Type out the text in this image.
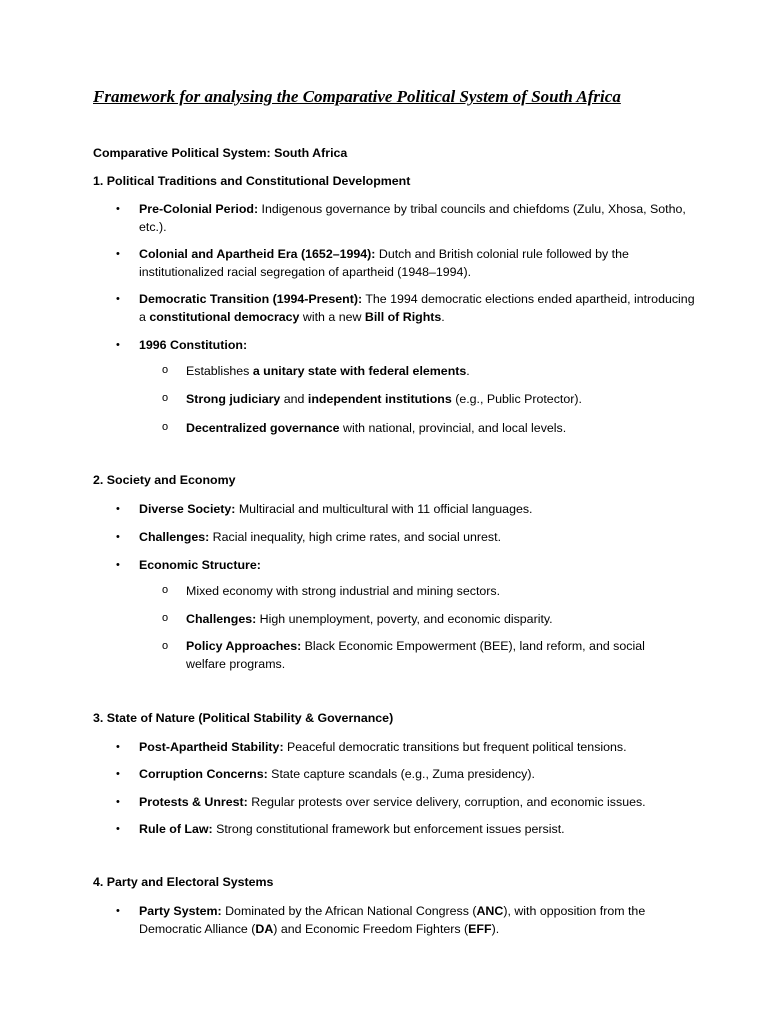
Framework for analysing the Comparative Political System of South Africa
Comparative Political System: South Africa
1. Political Traditions and Constitutional Development
• Pre-Colonial Period: Indigenous governance by tribal councils and chiefdoms (Zulu, Xhosa, Sotho, etc.).
• Colonial and Apartheid Era (1652–1994): Dutch and British colonial rule followed by the institutionalized racial segregation of apartheid (1948–1994).
• Democratic Transition (1994-Present): The 1994 democratic elections ended apartheid, introducing a constitutional democracy with a new Bill of Rights.
• 1996 Constitution:
o Establishes a unitary state with federal elements.
o Strong judiciary and independent institutions (e.g., Public Protector).
o Decentralized governance with national, provincial, and local levels.
2. Society and Economy
• Diverse Society: Multiracial and multicultural with 11 official languages.
• Challenges: Racial inequality, high crime rates, and social unrest.
• Economic Structure:
o Mixed economy with strong industrial and mining sectors.
o Challenges: High unemployment, poverty, and economic disparity.
o Policy Approaches: Black Economic Empowerment (BEE), land reform, and social welfare programs.
3. State of Nature (Political Stability & Governance)
• Post-Apartheid Stability: Peaceful democratic transitions but frequent political tensions.
• Corruption Concerns: State capture scandals (e.g., Zuma presidency).
• Protests & Unrest: Regular protests over service delivery, corruption, and economic issues.
• Rule of Law: Strong constitutional framework but enforcement issues persist.
4. Party and Electoral Systems
• Party System: Dominated by the African National Congress (ANC), with opposition from the Democratic Alliance (DA) and Economic Freedom Fighters (EFF).
